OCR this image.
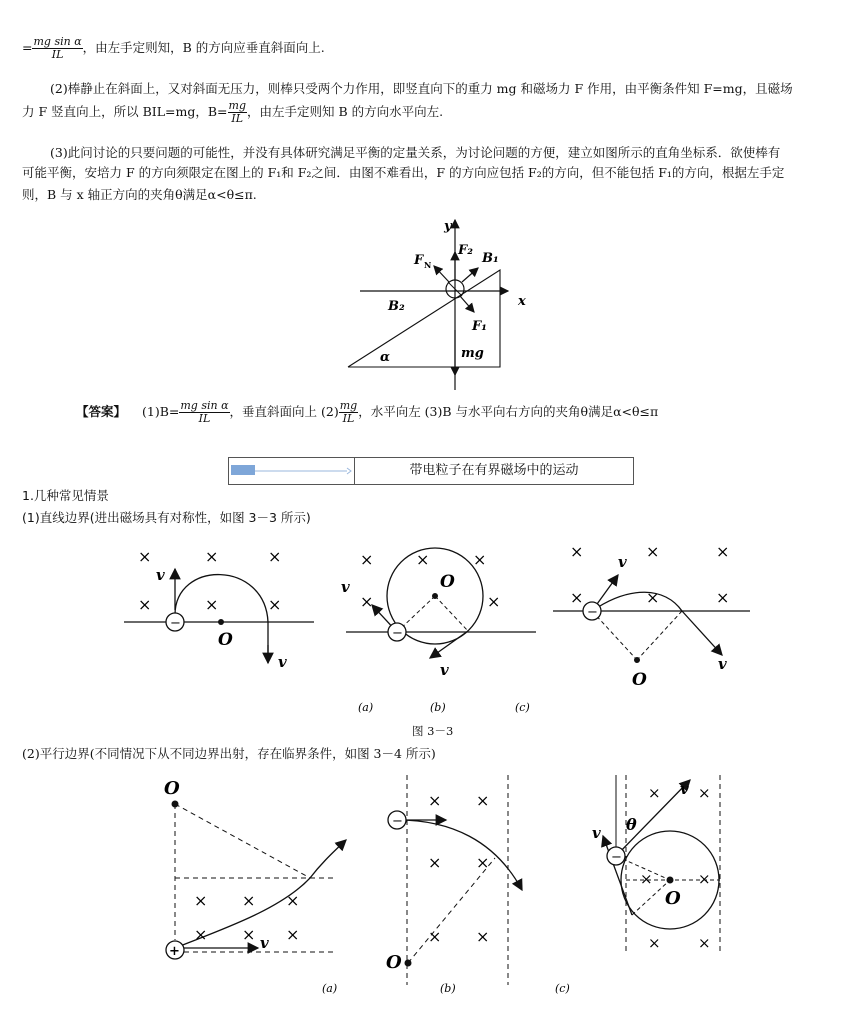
= $\frac{\text{mg sin α}}{IL}$ ，由左手定则知，B 的方向应垂直斜面向上.
(2)棒静止在斜面上，又对斜面无压力，则棒只受两个力作用，即竖直向下的重力 mg 和磁场力 F 作用，由平衡条件知 F=mg，且磁场
力 F 竖直向上，所以 BIL=mg，$B= \frac{mg}{IL}$ ，由左手定则知 B 的方向水平向左.
(3)此问讨论的只要问题的可能性，并没有具体研究满足平衡的定量关系，为讨论问题的方便，建立如图所示的直角坐标系．欲使棒有
可能平衡，安培力 F 的方向须限定在图上的 F₁和 F₂之间．由图不难看出，F 的方向应包括 F₂的方向，但不能包括 F₁的方向，根据左手定
则，B 与 x 轴正方向的夹角θ满足α<θ≤π.
y
x
F₂
F N	B₁
B₂
F₁
mg
α
【答案】 $(1)B= \frac{\text{mg sin α}}{IL}$ ，垂直斜面向上 $(2) \frac{mg}{IL}$ ，水平向左 (3)B 与水平向右方向的夹角θ满足α<θ≤π
带电粒子在有界磁场中的运动
1.几种常见情景
(1)直线边界(进出磁场具有对称性，如图 3－3 所示)
×	×	×
×	×	×
−
O
v
v
×	×	×
×	×
O
−
v
v
×	×	×
×	×	×
O
−
v
v
(a)	(b)	(c)
图 3－3
(2)平行边界(不同情况下从不同边界出射，存在临界条件，如图 3－4 所示)
O
× × ×
× × ×
+	v
× ×
× ×
× ×
O
−
O
× ×
×	×
× ×
−
θ
v
v
(a)	(b)	(c)
